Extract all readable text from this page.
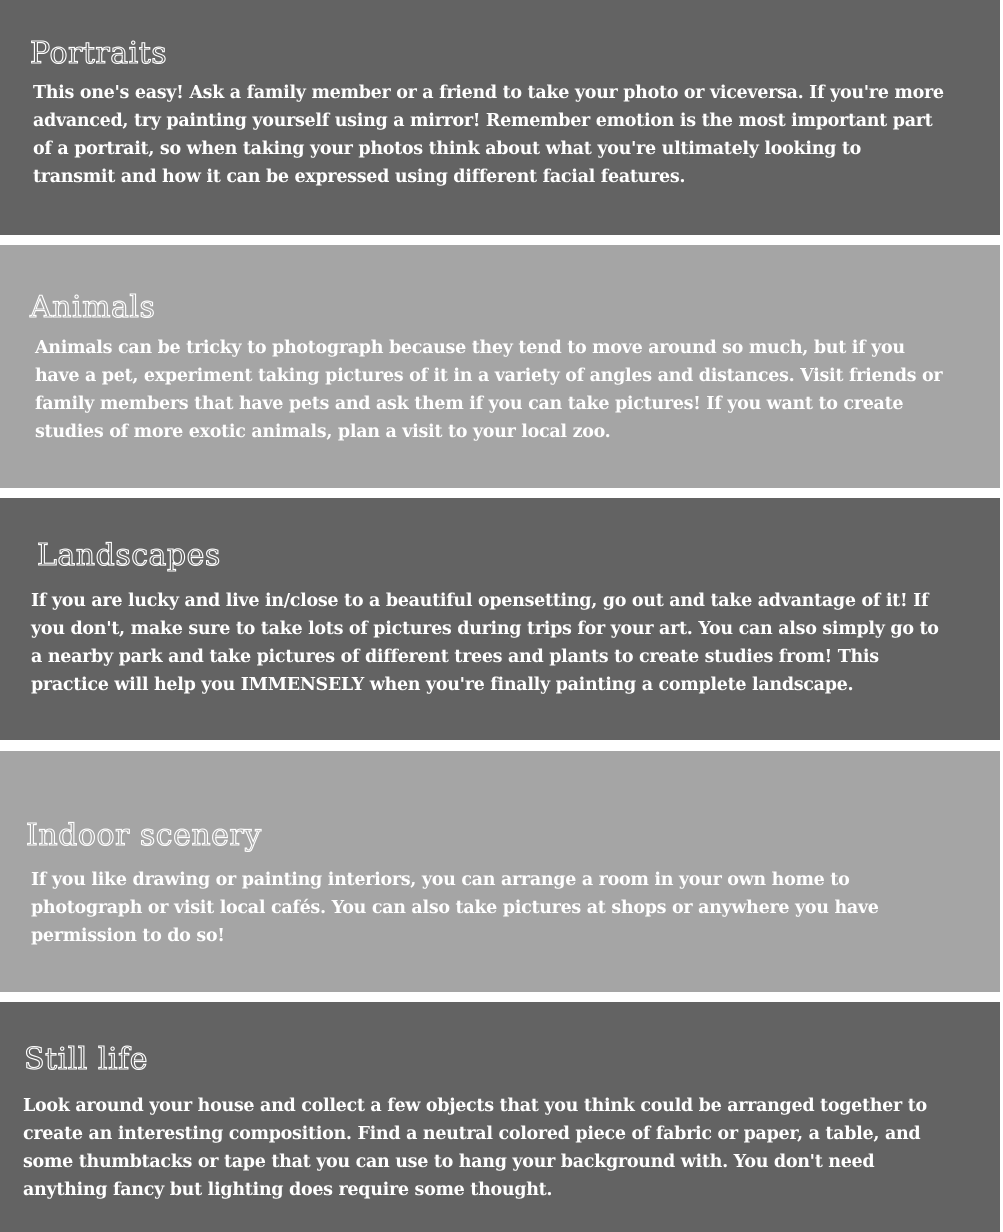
Portraits

This one's easy! Ask a family member or a friend to take your photo or viceversa. If you're more advanced, try painting yourself using a mirror! Remember emotion is the most important part of a portrait, so when taking your photos think about what you're ultimately looking to transmit and how it can be expressed using different facial features.

Animals

Animals can be tricky to photograph because they tend to move around so much, but if you have a pet, experiment taking pictures of it in a variety of angles and distances. Visit friends or family members that have pets and ask them if you can take pictures! If you want to create studies of more exotic animals, plan a visit to your local zoo.

Landscapes

If you are lucky and live in/close to a beautiful opensetting, go out and take advantage of it! If you don't, make sure to take lots of pictures during trips for your art. You can also simply go to a nearby park and take pictures of different trees and plants to create studies from! This practice will help you IMMENSELY when you're finally painting a complete landscape.

Indoor scenery

If you like drawing or painting interiors, you can arrange a room in your own home to photograph or visit local cafés. You can also take pictures at shops or anywhere you have permission to do so!

Still life

Look around your house and collect a few objects that you think could be arranged together to create an interesting composition. Find a neutral colored piece of fabric or paper, a table, and some thumbtacks or tape that you can use to hang your background with. You don't need anything fancy but lighting does require some thought.
